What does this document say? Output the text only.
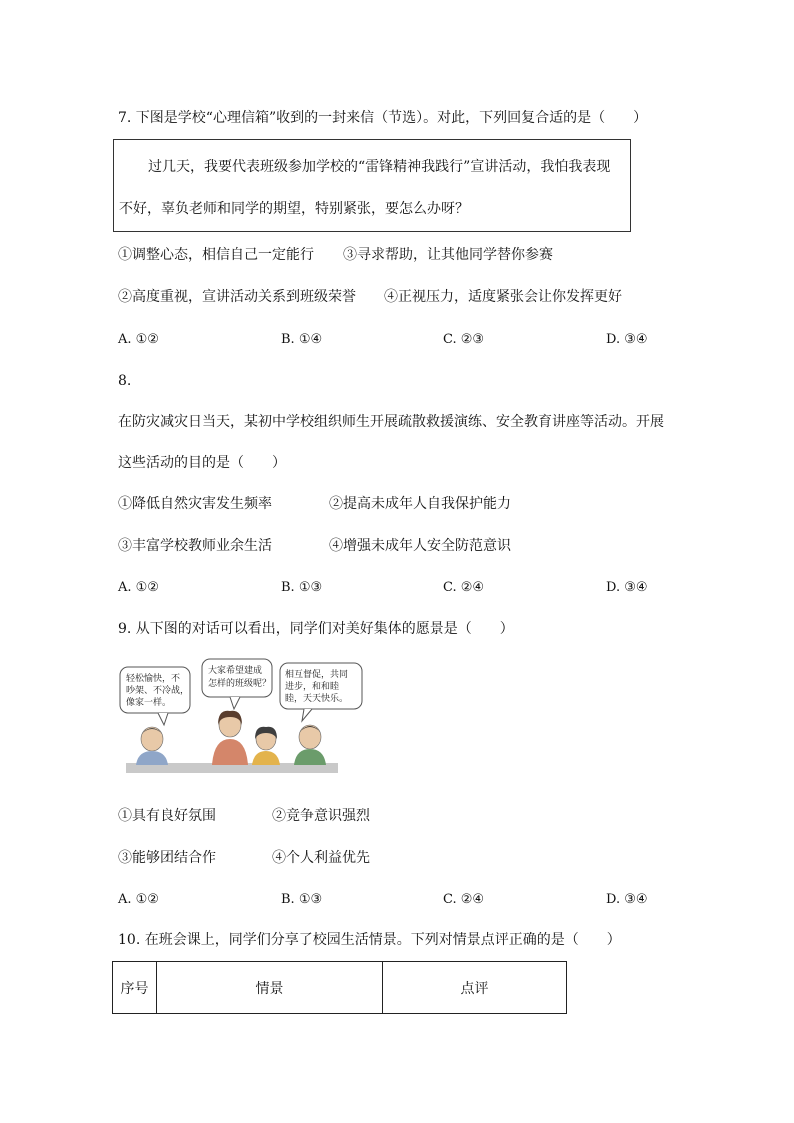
7. 下图是学校“心理信箱”收到的一封来信（节选）。对此，下列回复合适的是（　　）
过几天，我要代表班级参加学校的“雷锋精神我践行”宣讲活动，我怕我表现
不好，辜负老师和同学的期望，特别紧张，要怎么办呀？
①调整心态，相信自己一定能行 ③寻求帮助，让其他同学替你参赛
②高度重视，宣讲活动关系到班级荣誉 ④正视压力，适度紧张会让你发挥更好
A. ①②	B. ①④	C. ②③	D. ③④
8.
在防灾减灾日当天，某初中学校组织师生开展疏散救援演练、安全教育讲座等活动。开展
这些活动的目的是（　　）
①降低自然灾害发生频率	②提高未成年人自我保护能力
③丰富学校教师业余生活	④增强未成年人安全防范意识
A. ①②	B. ①③	C. ②④	D. ③④
9. 从下图的对话可以看出，同学们对美好集体的愿景是（　　）
轻松愉快，不
吵架、不冷战，
像家一样。
大家希望建成
怎样的班级呢？
相互督促，共同
进步，和和睦
睦，天天快乐。
①具有良好氛围	②竞争意识强烈
③能够团结合作	④个人利益优先
A. ①②	B. ①③	C. ②④	D. ③④
10. 在班会课上，同学们分享了校园生活情景。下列对情景点评正确的是（　　）
序号	情景	点评
